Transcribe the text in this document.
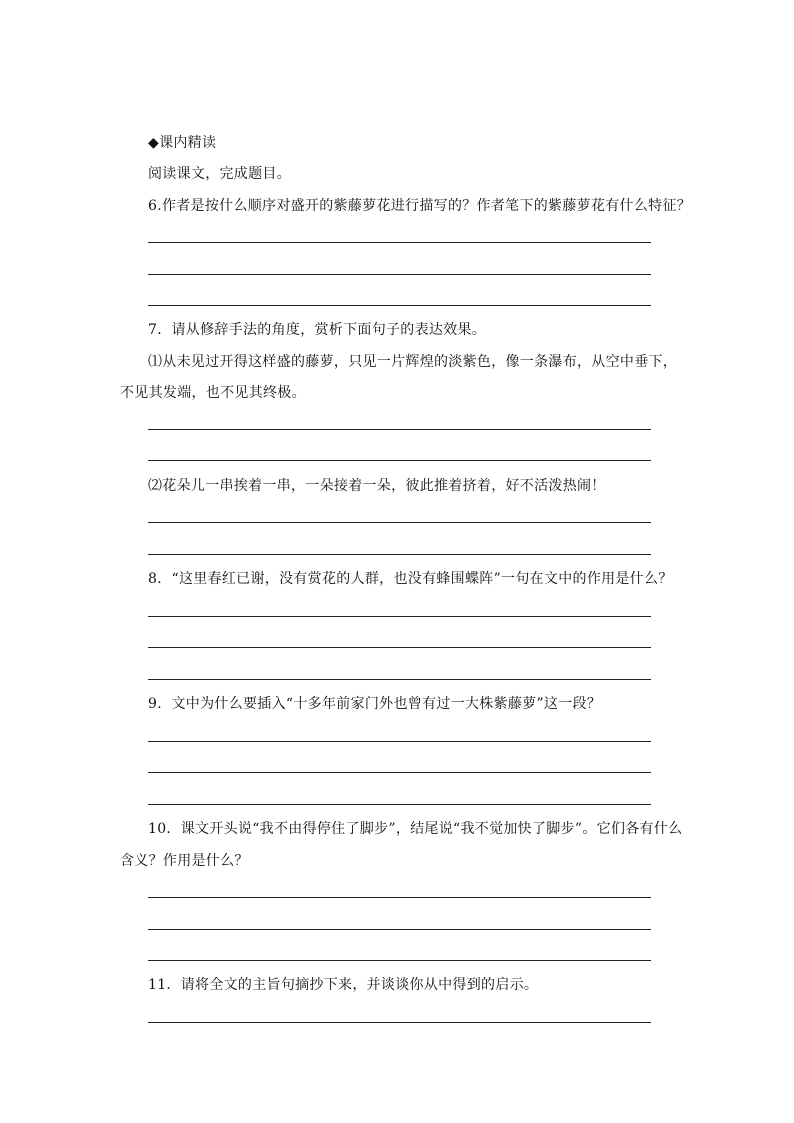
◆课内精读
阅读课文，完成题目。
6.作者是按什么顺序对盛开的紫藤萝花进行描写的？作者笔下的紫藤萝花有什么特征？
7．请从修辞手法的角度，赏析下面句子的表达效果。
⑴从未见过开得这样盛的藤萝，只见一片辉煌的淡紫色，像一条瀑布，从空中垂下，
不见其发端，也不见其终极。
⑵花朵儿一串挨着一串，一朵接着一朵，彼此推着挤着，好不活泼热闹！
8．“这里春红已谢，没有赏花的人群，也没有蜂围蝶阵”一句在文中的作用是什么？
9．文中为什么要插入“十多年前家门外也曾有过一大株紫藤萝”这一段？
10．课文开头说“我不由得停住了脚步”，结尾说“我不觉加快了脚步”。它们各有什么
含义？作用是什么？
11．请将全文的主旨句摘抄下来，并谈谈你从中得到的启示。
